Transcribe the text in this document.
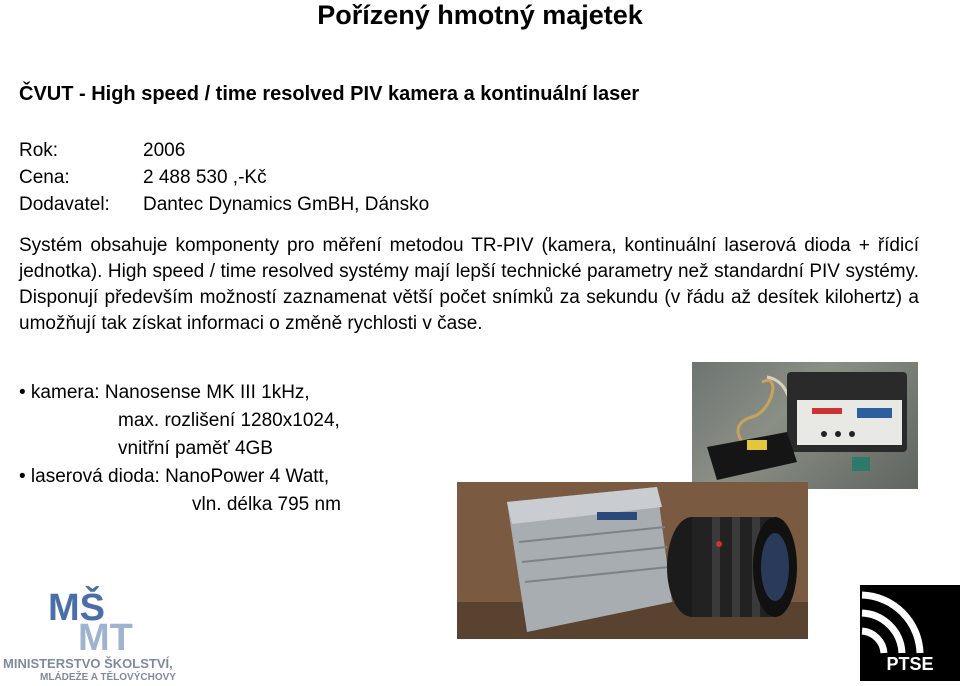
Pořízený hmotný majetek
ČVUT - High speed / time resolved PIV kamera a kontinuální laser
Rok:	2006
Cena:	2 488 530 ,-Kč
Dodavatel:	Dantec Dynamics GmBH, Dánsko
Systém obsahuje komponenty pro měření metodou TR-PIV (kamera, kontinuální laserová dioda + řídicí jednotka). High speed / time resolved systémy mají lepší technické parametry než standardní PIV systémy. Disponují především možností zaznamenat větší počet snímků za sekundu (v řádu až desítek kilohertz) a umožňují tak získat informaci o změně rychlosti v čase.
• kamera: Nanosense MK III 1kHz,
max. rozlišení 1280x1024,
vnitřní paměť 4GB
• laserová dioda: NanoPower 4 Watt,
vln. délka 795 nm
MŠ
MT
MINISTERSTVO ŠKOLSTVÍ,
MLÁDEŽE A TĚLOVÝCHOVY
PTSE
